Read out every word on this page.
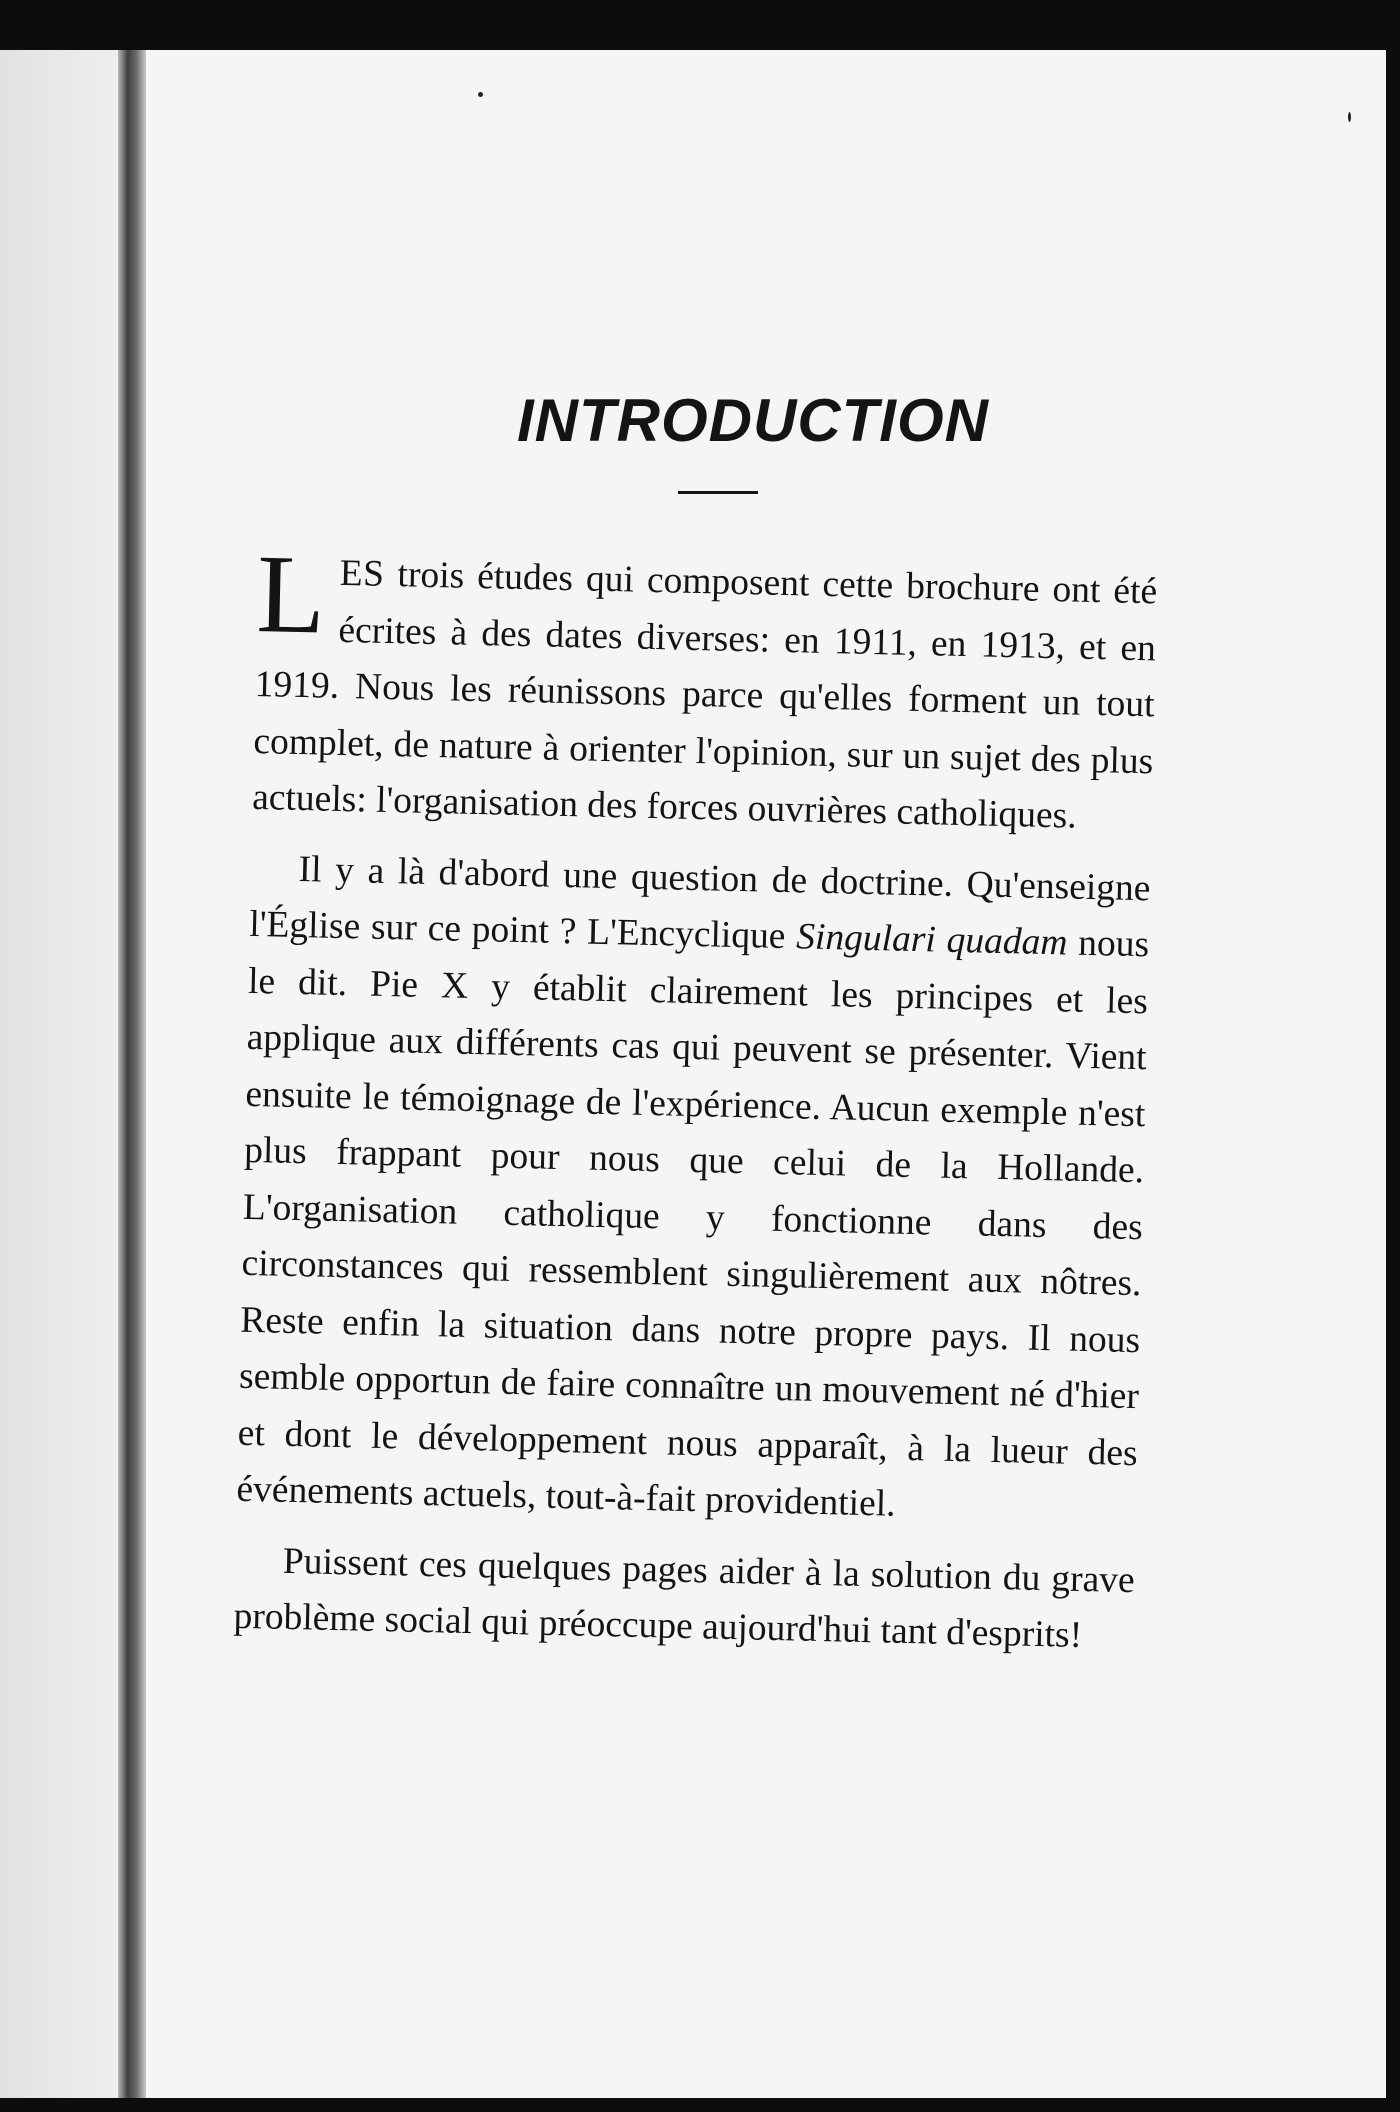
INTRODUCTION

LES trois études qui composent cette brochure ont été écrites à des dates diverses: en 1911, en 1913, et en 1919. Nous les réunissons parce qu'elles forment un tout complet, de nature à orienter l'opinion, sur un sujet des plus actuels: l'organisation des forces ouvrières catholiques.

Il y a là d'abord une question de doctrine. Qu'enseigne l'Église sur ce point ? L'Encyclique Singulari quadam nous le dit. Pie X y établit clairement les principes et les applique aux différents cas qui peuvent se présenter. Vient ensuite le témoignage de l'expérience. Aucun exemple n'est plus frappant pour nous que celui de la Hollande. L'organisation catholique y fonctionne dans des circonstances qui ressemblent singulièrement aux nôtres. Reste enfin la situation dans notre propre pays. Il nous semble opportun de faire connaître un mouvement né d'hier et dont le développement nous apparaît, à la lueur des événements actuels, tout-à-fait providentiel.

Puissent ces quelques pages aider à la solution du grave problème social qui préoccupe aujourd'hui tant d'esprits!
